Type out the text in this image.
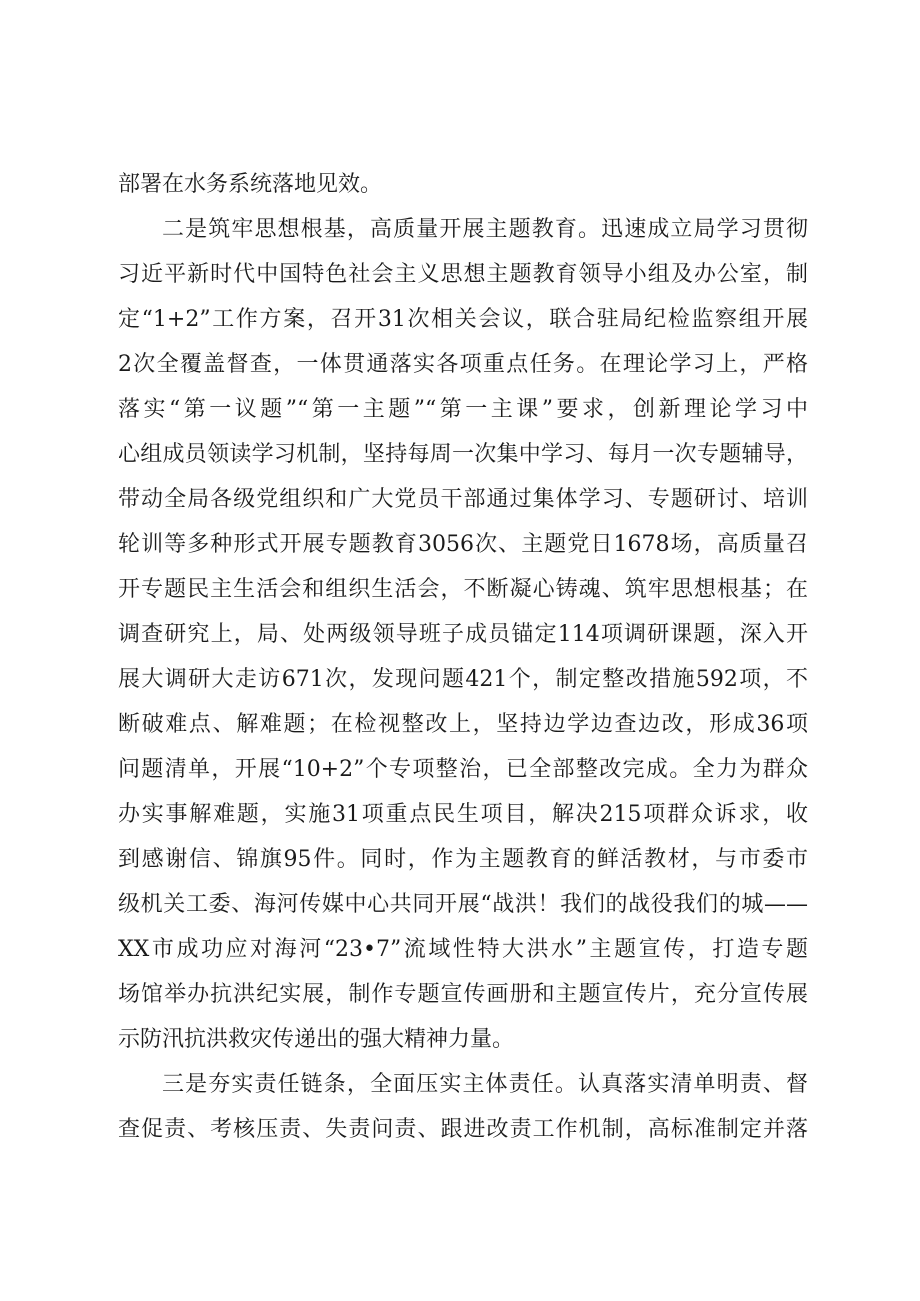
部署在水务系统落地见效。
二是筑牢思想根基，高质量开展主题教育。迅速成立局学习贯彻
习近平新时代中国特色社会主义思想主题教育领导小组及办公室，制
定“1+2”工作方案，召开31次相关会议，联合驻局纪检监察组开展
2次全覆盖督查，一体贯通落实各项重点任务。在理论学习上，严格
落实“第一议题”“第一主题”“第一主课”要求，创新理论学习中
心组成员领读学习机制，坚持每周一次集中学习、每月一次专题辅导，
带动全局各级党组织和广大党员干部通过集体学习、专题研讨、培训
轮训等多种形式开展专题教育3056次、主题党日1678场，高质量召
开专题民主生活会和组织生活会，不断凝心铸魂、筑牢思想根基；在
调查研究上，局、处两级领导班子成员锚定114项调研课题，深入开
展大调研大走访671次，发现问题421个，制定整改措施592项，不
断破难点、解难题；在检视整改上，坚持边学边查边改，形成36项
问题清单，开展“10+2”个专项整治，已全部整改完成。全力为群众
办实事解难题，实施31项重点民生项目，解决215项群众诉求，收
到感谢信、锦旗95件。同时，作为主题教育的鲜活教材，与市委市
级机关工委、海河传媒中心共同开展“战洪！我们的战役我们的城——
XX市成功应对海河“23•7”流域性特大洪水”主题宣传，打造专题
场馆举办抗洪纪实展，制作专题宣传画册和主题宣传片，充分宣传展
示防汛抗洪救灾传递出的强大精神力量。
三是夯实责任链条，全面压实主体责任。认真落实清单明责、督
查促责、考核压责、失责问责、跟进改责工作机制，高标准制定并落
